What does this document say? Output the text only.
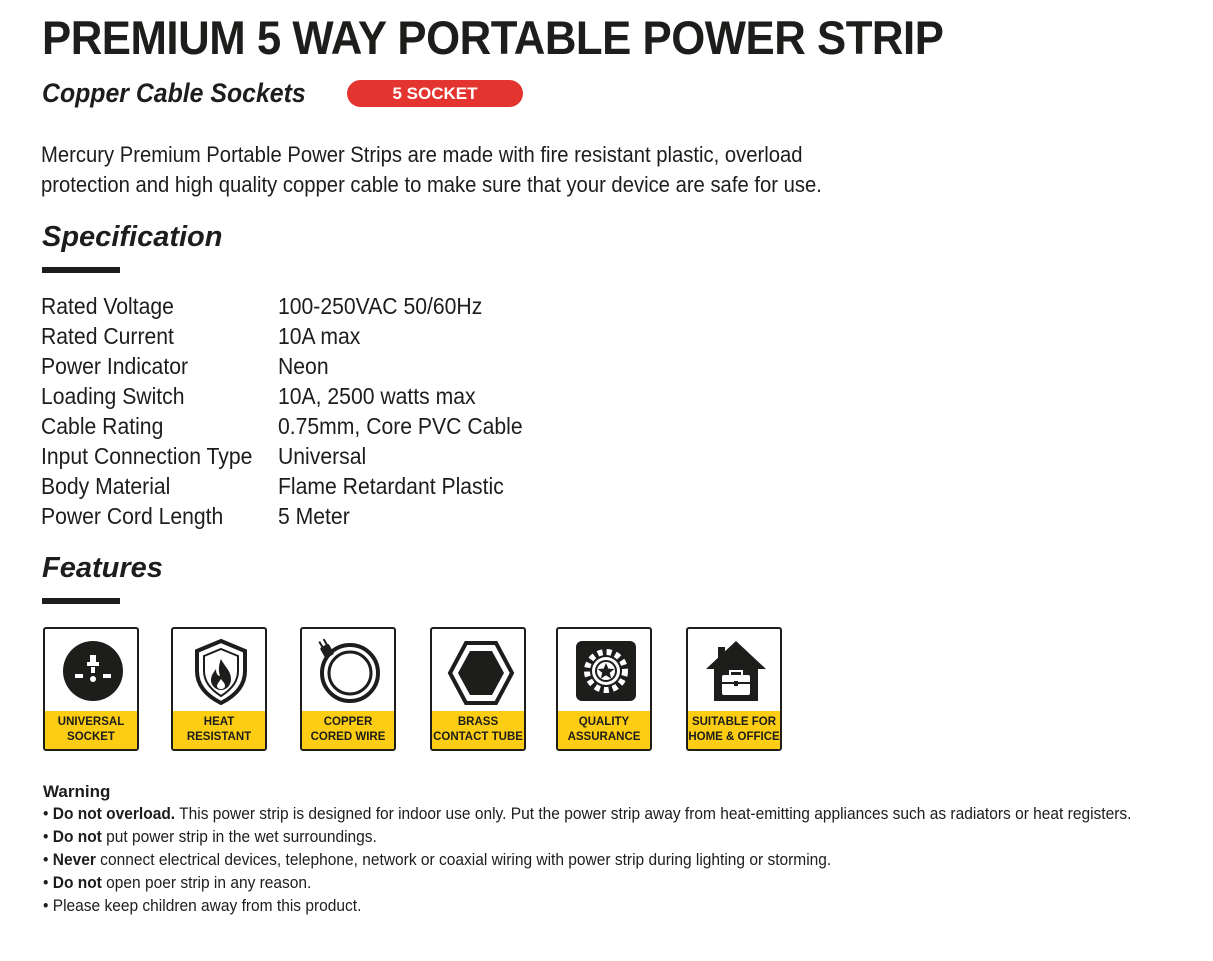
PREMIUM 5 WAY PORTABLE POWER STRIP
Copper Cable Sockets	5 SOCKET
Mercury Premium Portable Power Strips are made with fire resistant plastic, overload protection and high quality copper cable to make sure that your device are safe for use.
Specification
Rated Voltage	100-250VAC 50/60Hz
Rated Current	10A max
Power Indicator	Neon
Loading Switch	10A, 2500 watts max
Cable Rating	0.75mm, Core PVC Cable
Input Connection Type Universal
Body Material	Flame Retardant Plastic
Power Cord Length 5 Meter
Features
UNIVERSAL
SOCKET
HEAT
RESISTANT
COPPER
CORED WIRE
BRASS
CONTACT TUBE
QUALITY
ASSURANCE
SUITABLE FOR
HOME & OFFICE
Warning
• Do not overload. This power strip is designed for indoor use only. Put the power strip away from heat-emitting appliances such as radiators or heat registers.
• Do not put power strip in the wet surroundings.
• Never connect electrical devices, telephone, network or coaxial wiring with power strip during lighting or storming.
• Do not open poer strip in any reason.
• Please keep children away from this product.
